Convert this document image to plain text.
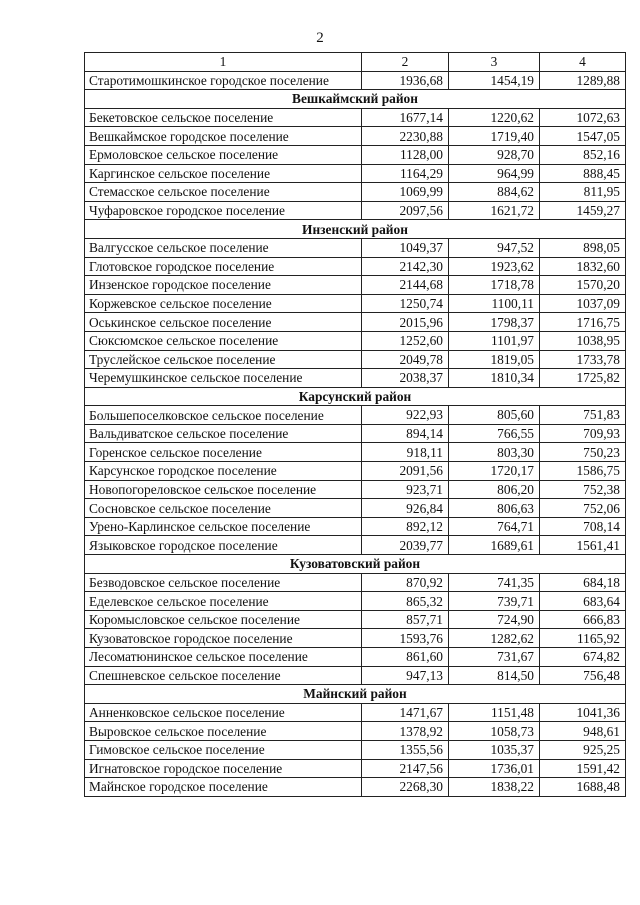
2
1	2	3	4
Старотимошкинское городское поселение	1936,68	1454,19	1289,88
Вешкаймский район			
Бекетовское сельское поселение	1677,14	1220,62	1072,63
Вешкаймское городское поселение	2230,88	1719,40	1547,05
Ермоловское сельское поселение	1128,00	928,70	852,16
Каргинское сельское поселение	1164,29	964,99	888,45
Стемасское сельское поселение	1069,99	884,62	811,95
Чуфаровское городское поселение	2097,56	1621,72	1459,27
Инзенский район			
Валгусское сельское поселение	1049,37	947,52	898,05
Глотовское городское поселение	2142,30	1923,62	1832,60
Инзенское городское поселение	2144,68	1718,78	1570,20
Коржевское сельское поселение	1250,74	1100,11	1037,09
Оськинское сельское поселение	2015,96	1798,37	1716,75
Сюксюмское сельское поселение	1252,60	1101,97	1038,95
Труслейское сельское поселение	2049,78	1819,05	1733,78
Черемушкинское сельское поселение	2038,37	1810,34	1725,82
Карсунский район			
Большепоселковское сельское поселение	922,93	805,60	751,83
Вальдиватское сельское поселение	894,14	766,55	709,93
Горенское сельское поселение	918,11	803,30	750,23
Карсунское городское поселение	2091,56	1720,17	1586,75
Новопогореловское сельское поселение	923,71	806,20	752,38
Сосновское сельское поселение	926,84	806,63	752,06
Урено-Карлинское сельское поселение	892,12	764,71	708,14
Языковское городское поселение	2039,77	1689,61	1561,41
Кузоватовский район			
Безводовское сельское поселение	870,92	741,35	684,18
Еделевское сельское поселение	865,32	739,71	683,64
Коромысловское сельское поселение	857,71	724,90	666,83
Кузоватовское городское поселение	1593,76	1282,62	1165,92
Лесоматюнинское сельское поселение	861,60	731,67	674,82
Спешневское сельское поселение	947,13	814,50	756,48
Майнский район			
Анненковское сельское поселение	1471,67	1151,48	1041,36
Выровское сельское поселение	1378,92	1058,73	948,61
Гимовское сельское поселение	1355,56	1035,37	925,25
Игнатовское городское поселение	2147,56	1736,01	1591,42
Майнское городское поселение	2268,30	1838,22	1688,48
